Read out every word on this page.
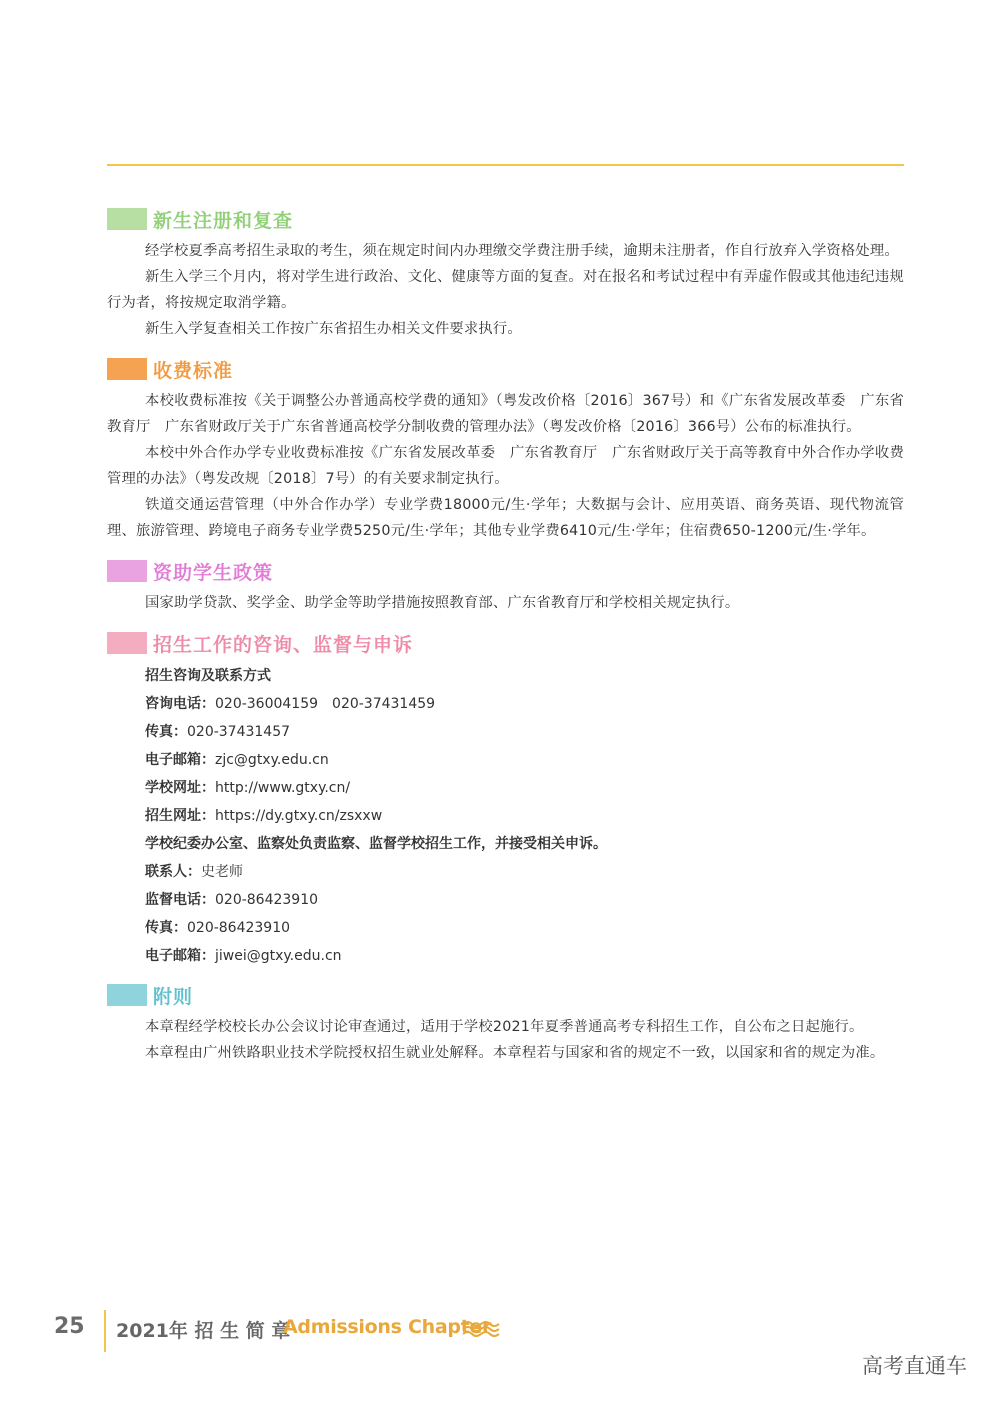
新生注册和复查

经学校夏季高考招生录取的考生，须在规定时间内办理缴交学费注册手续，逾期未注册者，作自行放弃入学资格处理。

新生入学三个月内，将对学生进行政治、文化、健康等方面的复查。对在报名和考试过程中有弄虚作假或其他违纪违规行为者，将按规定取消学籍。

新生入学复查相关工作按广东省招生办相关文件要求执行。

收费标准

本校收费标准按《关于调整公办普通高校学费的通知》（粤发改价格〔2016〕367号）和《广东省发展改革委　广东省教育厅　广东省财政厅关于广东省普通高校学分制收费的管理办法》（粤发改价格〔2016〕366号）公布的标准执行。

本校中外合作办学专业收费标准按《广东省发展改革委　广东省教育厅　广东省财政厅关于高等教育中外合作办学收费管理的办法》（粤发改规〔2018〕7号）的有关要求制定执行。

铁道交通运营管理（中外合作办学）专业学费18000元/生·学年；大数据与会计、应用英语、商务英语、现代物流管理、旅游管理、跨境电子商务专业学费5250元/生·学年；其他专业学费6410元/生·学年；住宿费650-1200元/生·学年。

资助学生政策

国家助学贷款、奖学金、助学金等助学措施按照教育部、广东省教育厅和学校相关规定执行。

招生工作的咨询、监督与申诉
招生咨询及联系方式
咨询电话：020-36004159　020-37431459
传真：020-37431457
电子邮箱：zjc@gtxy.edu.cn
学校网址：http://www.gtxy.cn/
招生网址：https://dy.gtxy.cn/zsxxw
学校纪委办公室、监察处负责监察、监督学校招生工作，并接受相关申诉。
联系人：史老师
监督电话：020-86423910
传真：020-86423910
电子邮箱：jiwei@gtxy.edu.cn
附则

本章程经学校校长办公会议讨论审查通过，适用于学校2021年夏季普通高考专科招生工作，自公布之日起施行。

本章程由广州铁路职业技术学院授权招生就业处解释。本章程若与国家和省的规定不一致，以国家和省的规定为准。

25 2021年 招 生 简 章
Admissions Chapter
高考直通车
